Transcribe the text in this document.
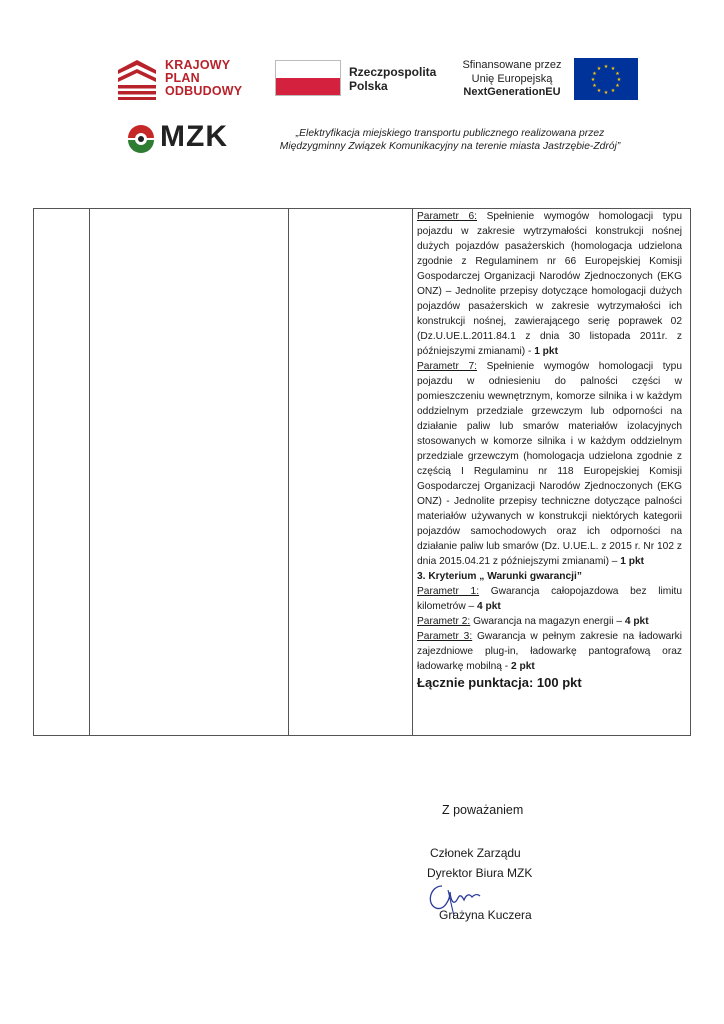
KRAJOWY
PLAN
ODBUDOWY
Rzeczpospolita
Polska
Sfinansowane przez
Unię Europejską
NextGenerationEU
★ ★
★
★
★
★
★
★
★
★
★
★
MZK	„Elektryfikacja miejskiego transportu publicznego realizowana przez
Międzygminny Związek Komunikacyjny na terenie miasta Jastrzębie-Zdrój”

Parametr 6: Spełnienie wymogów homologacji typu pojazdu w zakresie wytrzymałości konstrukcji nośnej dużych pojazdów pasażerskich (homologacja udzielona zgodnie z Regulaminem nr 66 Europejskiej Komisji Gospodarczej Organizacji Narodów Zjednoczonych (EKG ONZ) – Jednolite przepisy dotyczące homologacji dużych pojazdów pasażerskich w zakresie wytrzymałości ich konstrukcji nośnej, zawierającego serię poprawek 02 (Dz.U.UE.L.2011.84.1 z dnia 30 listopada 2011r. z późniejszymi zmianami) - 1 pkt

Parametr 7: Spełnienie wymogów homologacji typu pojazdu w odniesieniu do palności części w pomieszczeniu wewnętrznym, komorze silnika i w każdym oddzielnym przedziale grzewczym lub odporności na działanie paliw lub smarów materiałów izolacyjnych stosowanych w komorze silnika i w każdym oddzielnym przedziale grzewczym (homologacja udzielona zgodnie z częścią I Regulaminu nr 118 Europejskiej Komisji Gospodarczej Organizacji Narodów Zjednoczonych (EKG ONZ) - Jednolite przepisy techniczne dotyczące palności materiałów używanych w konstrukcji niektórych kategorii pojazdów samochodowych oraz ich odporności na działanie paliw lub smarów (Dz. U.UE.L. z 2015 r. Nr 102 z dnia 2015.04.21 z późniejszymi zmianami) – 1 pkt

3. Kryterium „ Warunki gwarancji”

Parametr 1: Gwarancja całopojazdowa bez limitu kilometrów – 4 pkt

Parametr 2: Gwarancja na magazyn energii – 4 pkt

Parametr 3: Gwarancja w pełnym zakresie na ładowarki zajezdniowe plug-in, ładowarkę pantografową oraz ładowarkę mobilną - 2 pkt

Łącznie punktacja: 100 pkt

Z poważaniem
Członek Zarządu
Dyrektor Biura MZK
Grażyna Kuczera
